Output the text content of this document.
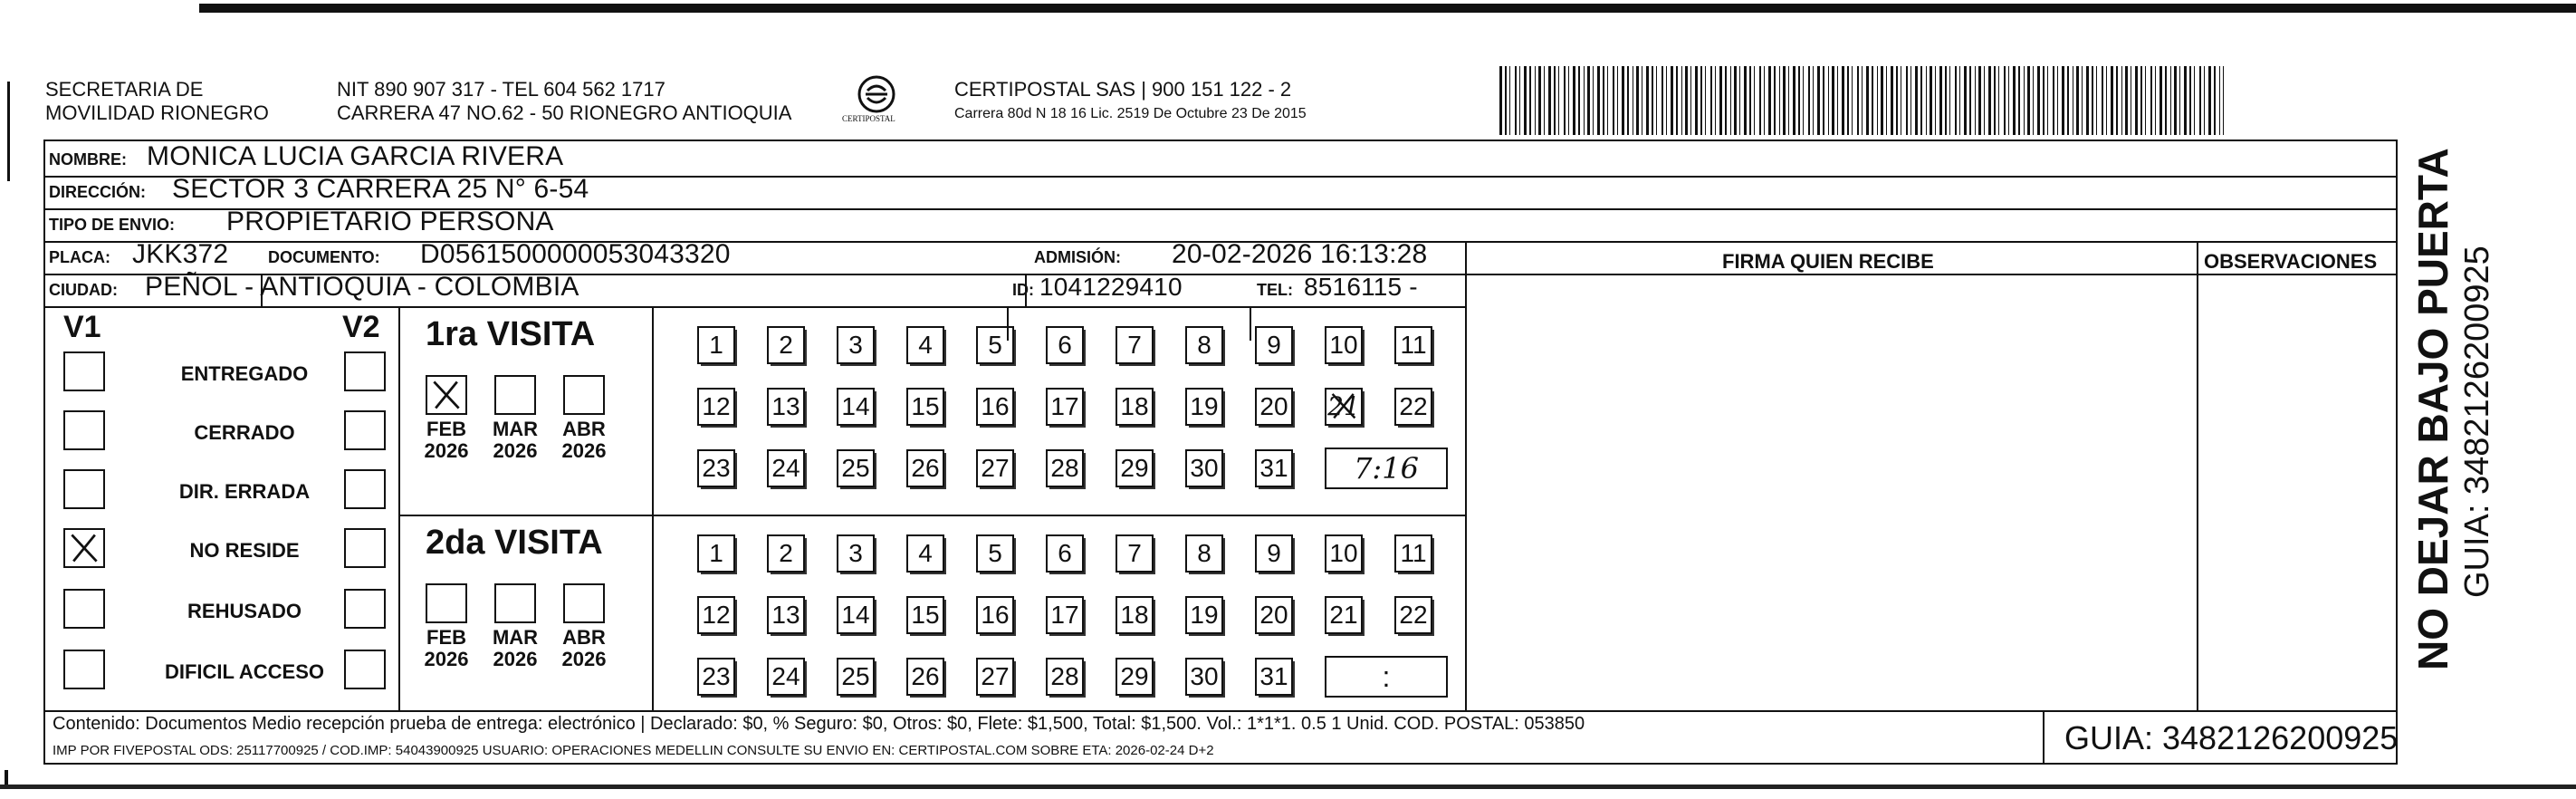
SECRETARIA DE
MOVILIDAD RIONEGRO
NIT 890 907 317 - TEL 604 562 1717
CARRERA 47 NO.62 - 50 RIONEGRO ANTIOQUIA	CERTIPOSTAL
CERTIPOSTAL SAS | 900 151 122 - 2
Carrera 80d N 18 16 Lic. 2519 De Octubre 23 De 2015
NOMBRE: MONICA LUCIA GARCIA RIVERA
DIRECCIÓN: SECTOR 3 CARRERA 25 N° 6-54
TIPO DE ENVIO: PROPIETARIO PERSONA
FIRMA QUIEN RECIBE	OBSERVACIONES
PLACA: JKK372 DOCUMENTO: D0561500000053043320	ADMISIÓN: 20-02-2026 16:13:28
CIUDAD: PEÑOL - ANTIOQUIA - COLOMBIA	ID: 1041229410	TEL: 8516115 -
V1	V2
ENTREGADO
CERRADO
DIR. ERRADA
NO RESIDE
REHUSADO
DIFICIL ACCESO
1ra VISITA
FEB
2026
MAR
2026
ABR
2026
1	2	3	4	5	6	7	8	9	10 11
12 13 14 15 16 17 18 19 20 21 22
23 24 25 26 27 28 29 30 31	7:16
2da VISITA
FEB
2026
MAR
2026
ABR
2026
1	2	3	4	5	6	7	8	9	10 11
12 13 14 15 16 17 18 19 20 21 22
23 24 25 26 27 28 29 30 31	:
Contenido: Documentos Medio recepción prueba de entrega: electrónico | Declarado: $0, % Seguro: $0, Otros: $0, Flete: $1,500, Total: $1,500. Vol.: 1*1*1. 0.5 1 Unid. COD. POSTAL: 053850
IMP POR FIVEPOSTAL ODS: 25117700925 / COD.IMP: 54043900925 USUARIO: OPERACIONES MEDELLIN CONSULTE SU ENVIO EN: CERTIPOSTAL.COM SOBRE ETA: 2026-02-24 D+2	GUIA: 3482126200925
NO DEJAR BAJO PUERTA GUIA: 3482126200925
